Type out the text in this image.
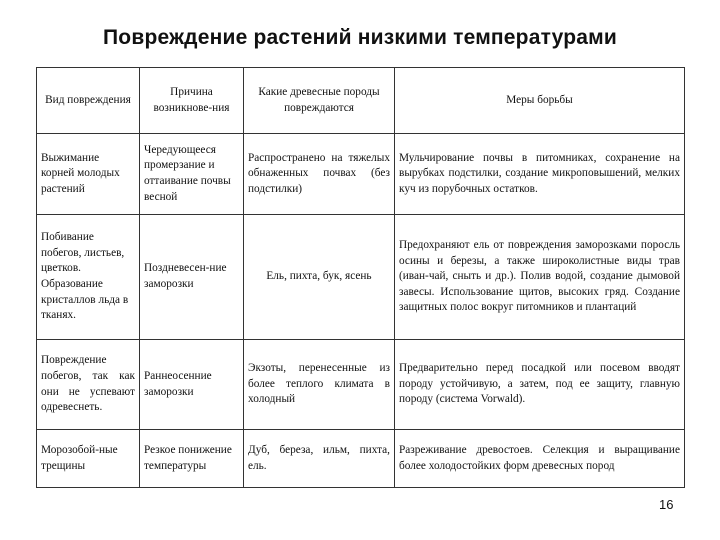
Повреждение растений низкими температурами
Вид повреждения	Причина возникнове-ния	Какие древесные породы повреждаются	Меры борьбы
Выжимание корней молодых растений	Чередующееся промерзание и оттаивание почвы весной	Распространено на тяжелых обнаженных почвах (без подстилки)	Мульчирование почвы в питомниках, сохранение на вырубках подстилки, создание микроповышений, мелких куч из порубочных остатков.
Побивание побегов, листьев, цветков. Образование кристаллов льда в тканях.	Поздневесен-ние заморозки	Ель, пихта, бук, ясень	Предохраняют ель от повреждения заморозками поросль осины и березы, а также широколистные виды трав (иван-чай, сныть и др.). Полив водой, создание дымовой завесы. Использование щитов, высоких гряд. Создание защитных полос вокруг питомников и плантаций
Повреждение побегов, так как они не успевают одревеснеть.	Раннеосенние заморозки	Экзоты, перенесенные из более теплого климата в холодный	Предварительно перед посадкой или посевом вводят породу устойчивую, а затем, под ее защиту, главную породу (система Vorwald).
Морозобой-ные трещины	Резкое понижение температуры	Дуб, береза, ильм, пихта, ель.	Разреживание древостоев. Селекция и выращивание более холодостойких форм древесных пород
16
